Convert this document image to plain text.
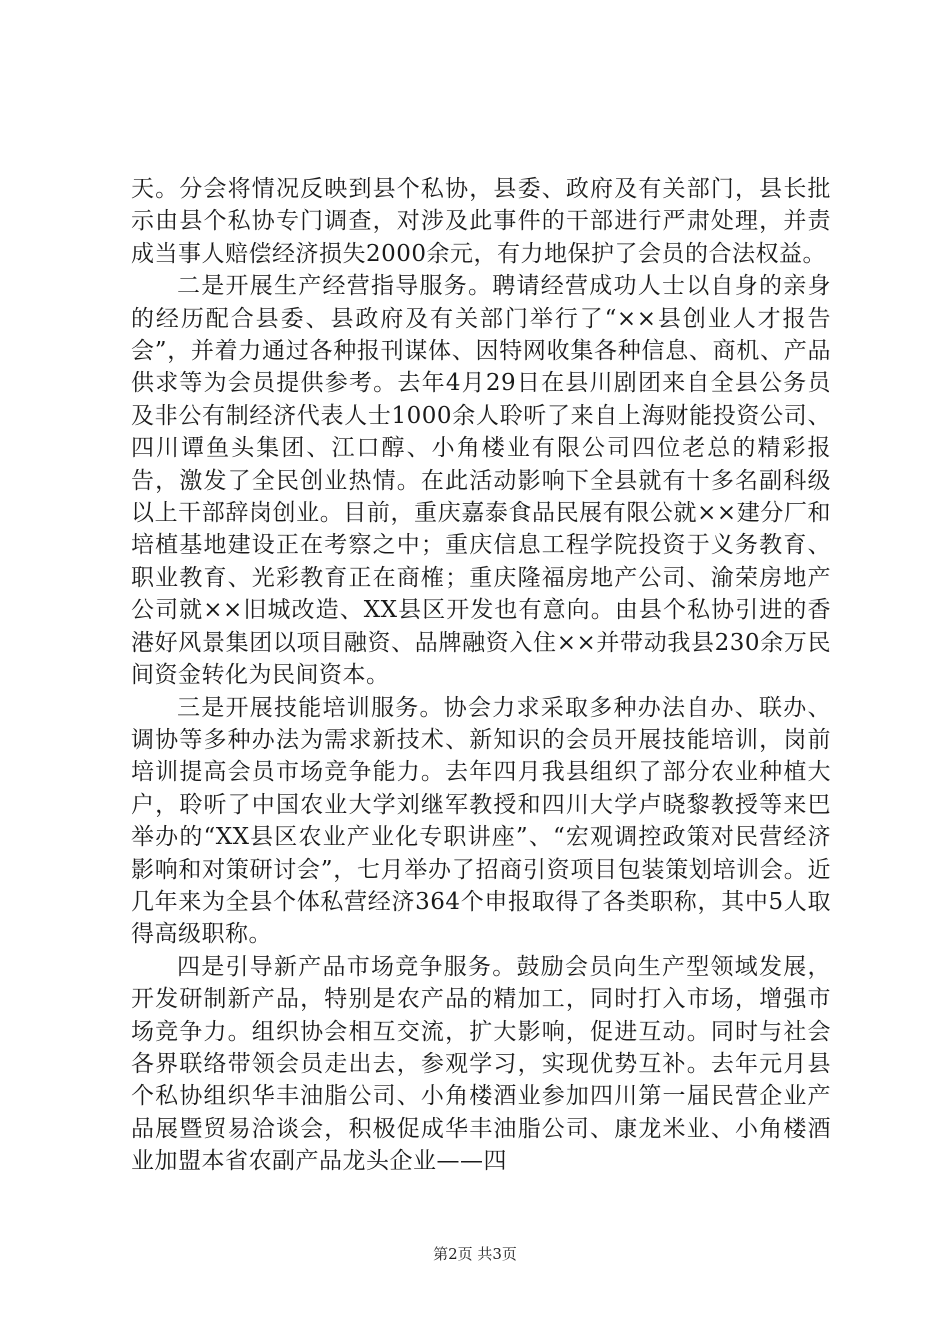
天。分会将情况反映到县个私协，县委、政府及有关部门，县长批示由县个私协专门调查，对涉及此事件的干部进行严肃处理，并责成当事人赔偿经济损失2000余元，有力地保护了会员的合法权益。

二是开展生产经营指导服务。聘请经营成功人士以自身的亲身的经历配合县委、县政府及有关部门举行了“××县创业人才报告会”，并着力通过各种报刊谋体、因特网收集各种信息、商机、产品供求等为会员提供参考。去年4月29日在县川剧团来自全县公务员及非公有制经济代表人士1000余人聆听了来自上海财能投资公司、四川谭鱼头集团、江口醇、小角楼业有限公司四位老总的精彩报告，激发了全民创业热情。在此活动影响下全县就有十多名副科级以上干部辞岗创业。目前，重庆嘉泰食品民展有限公就××建分厂和培植基地建设正在考察之中；重庆信息工程学院投资于义务教育、职业教育、光彩教育正在商榷；重庆隆福房地产公司、渝荣房地产公司就××旧城改造、XX县区开发也有意向。由县个私协引进的香港好风景集团以项目融资、品牌融资入住××并带动我县230余万民间资金转化为民间资本。

三是开展技能培训服务。协会力求采取多种办法自办、联办、调协等多种办法为需求新技术、新知识的会员开展技能培训，岗前培训提高会员市场竞争能力。去年四月我县组织了部分农业种植大户，聆听了中国农业大学刘继军教授和四川大学卢晓黎教授等来巴举办的“XX县区农业产业化专职讲座”、“宏观调控政策对民营经济影响和对策研讨会”，七月举办了招商引资项目包装策划培训会。近几年来为全县个体私营经济364个申报取得了各类职称，其中5人取得高级职称。

四是引导新产品市场竞争服务。鼓励会员向生产型领域发展，开发研制新产品，特别是农产品的精加工，同时打入市场，增强市场竞争力。组织协会相互交流，扩大影响，促进互动。同时与社会各界联络带领会员走出去，参观学习，实现优势互补。去年元月县个私协组织华丰油脂公司、小角楼酒业参加四川第一届民营企业产品展暨贸易洽谈会，积极促成华丰油脂公司、康龙米业、小角楼酒业加盟本省农副产品龙头企业——四

第2页 共3页
